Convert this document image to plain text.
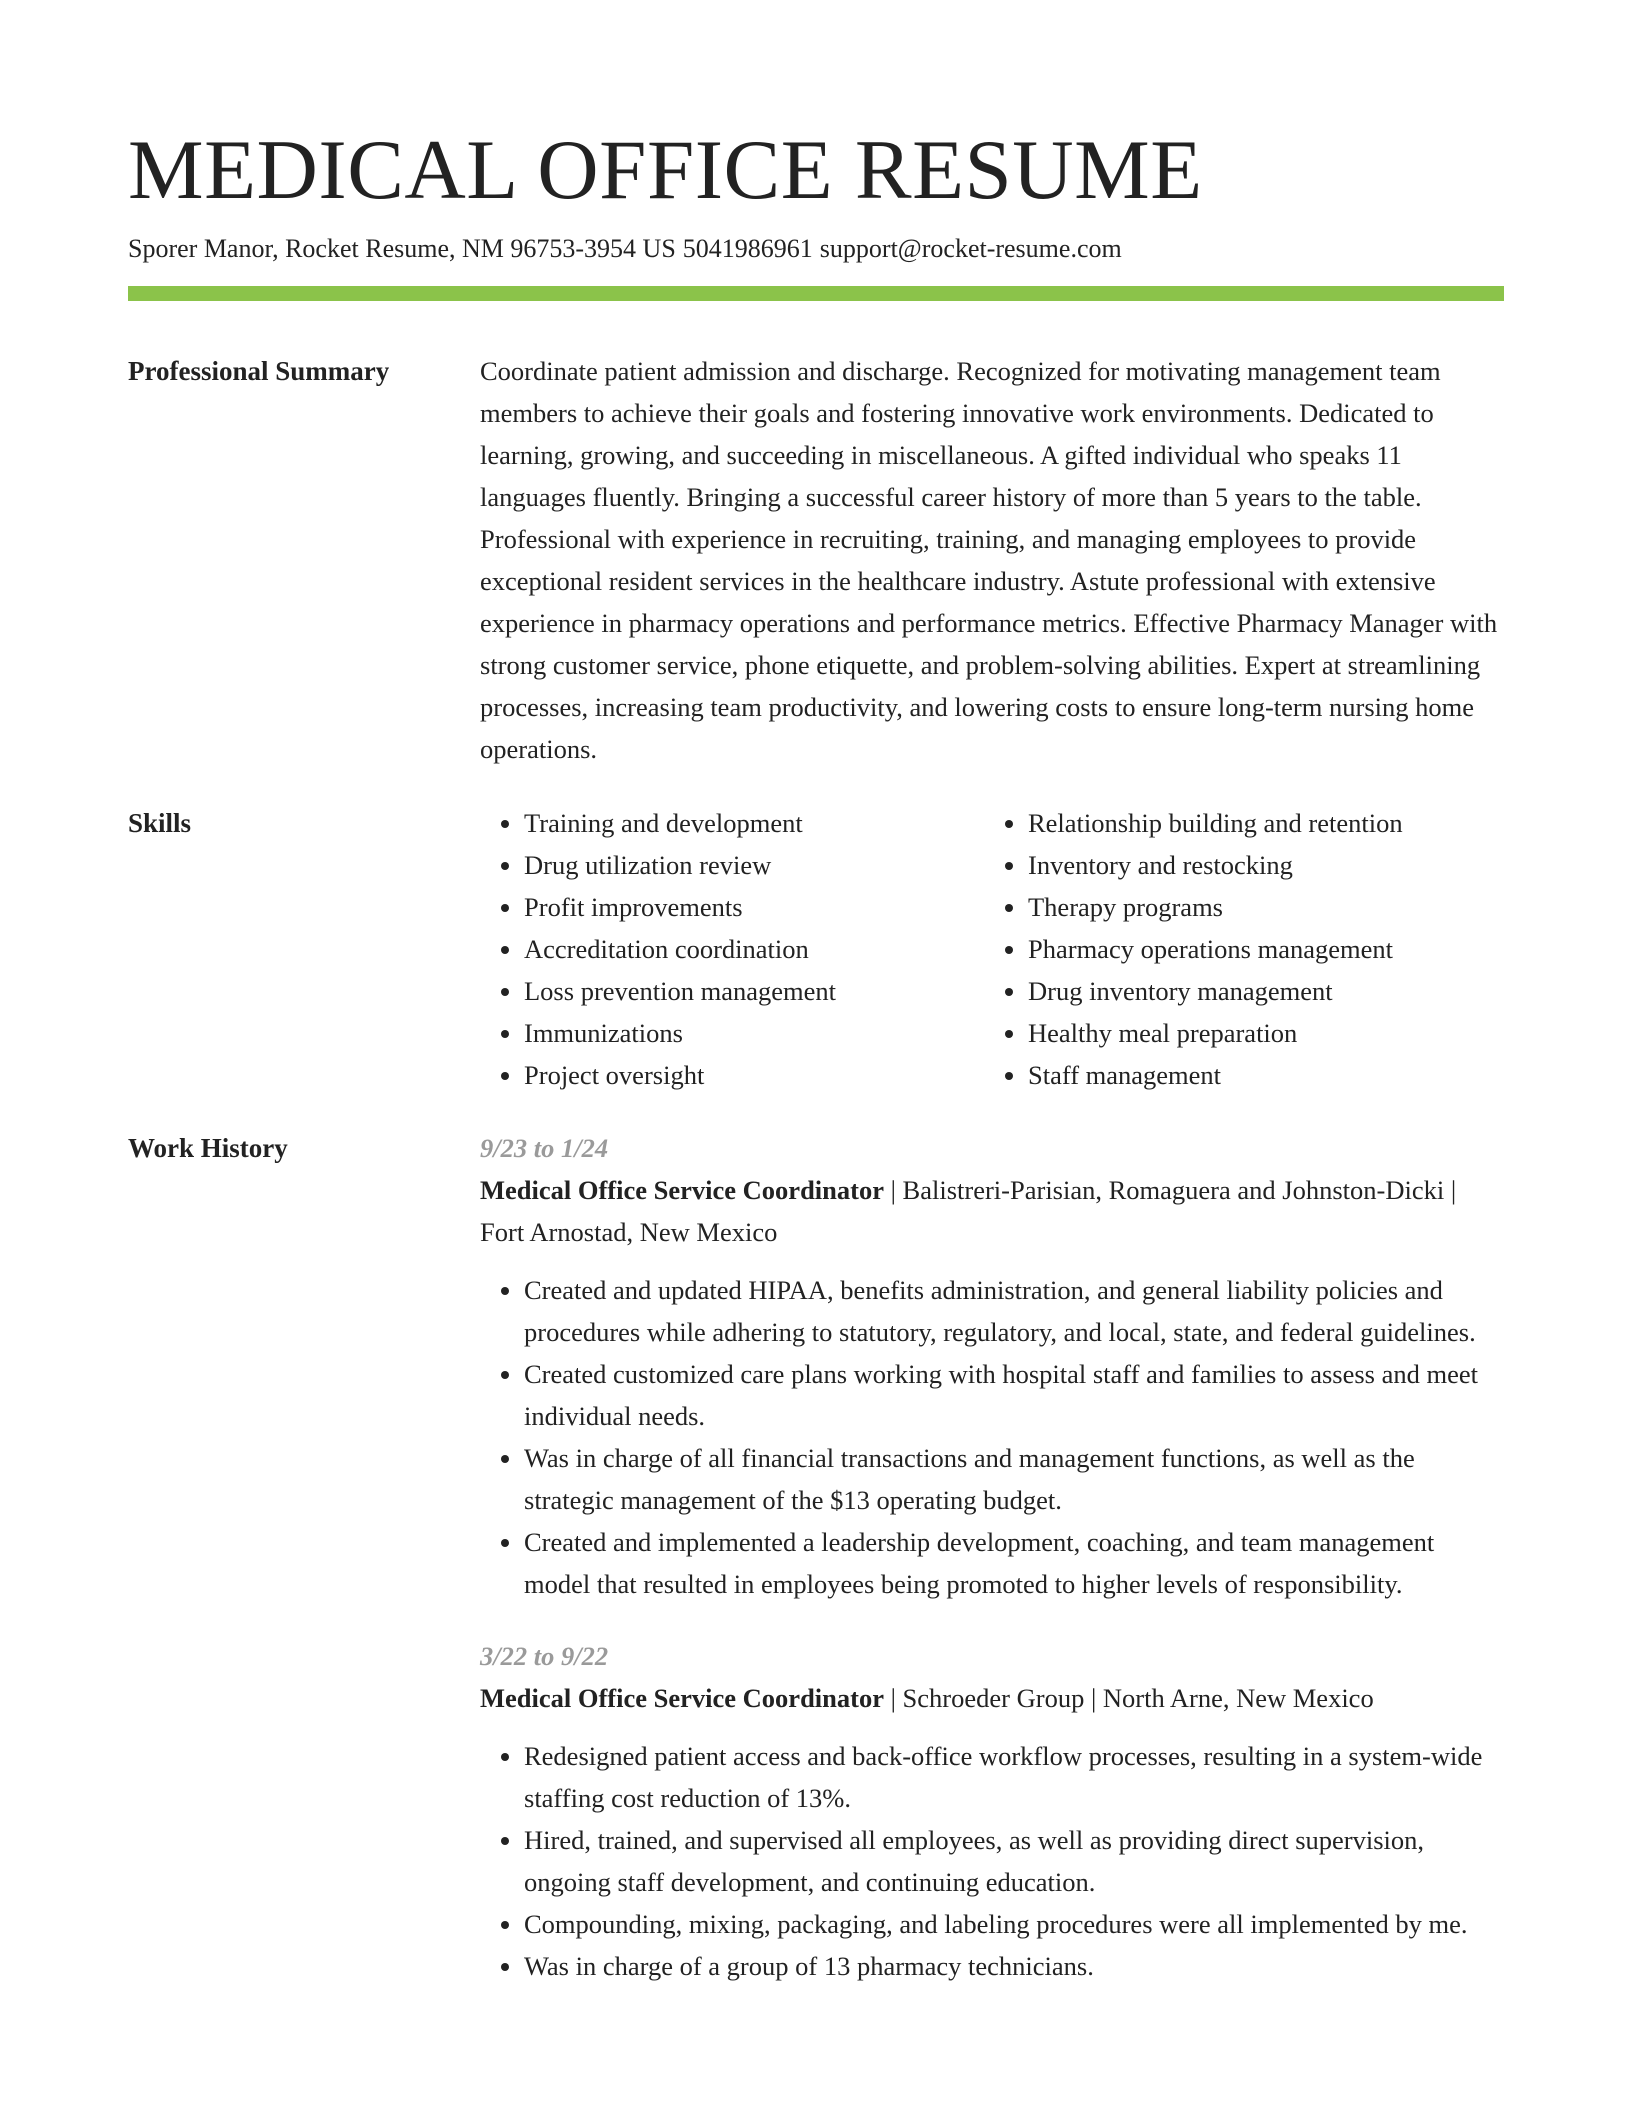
MEDICAL OFFICE RESUME
Sporer Manor, Rocket Resume, NM 96753-3954 US 5041986961 support@rocket-resume.com
Professional Summary	Coordinate patient admission and discharge. Recognized for motivating management team members to achieve their goals and fostering innovative work environments. Dedicated to learning, growing, and succeeding in miscellaneous. A gifted individual who speaks 11 languages fluently. Bringing a successful career history of more than 5 years to the table. Professional with experience in recruiting, training, and managing employees to provide exceptional resident services in the healthcare industry. Astute professional with extensive experience in pharmacy operations and performance metrics. Effective Pharmacy Manager with strong customer service, phone etiquette, and problem-solving abilities. Expert at streamlining processes, increasing team productivity, and lowering costs to ensure long-term nursing home operations.

Skills
•	Training and development
• Drug utilization review
• Profit improvements
• Accreditation coordination
• Loss prevention management
• Immunizations
• Project oversight
• Relationship building and retention
• Inventory and restocking
• Therapy programs
• Pharmacy operations management
• Drug inventory management
• Healthy meal preparation
• Staff management
Work History	9/23 to 1/24
Medical Office Service Coordinator | Balistreri-Parisian, Romaguera and Johnston-Dicki | Fort Arnostad, New Mexico
• Created and updated HIPAA, benefits administration, and general liability policies and procedures while adhering to statutory, regulatory, and local, state, and federal guidelines.
• Created customized care plans working with hospital staff and families to assess and meet individual needs.
• Was in charge of all financial transactions and management functions, as well as the strategic management of the $13 operating budget.
• Created and implemented a leadership development, coaching, and team management model that resulted in employees being promoted to higher levels of responsibility.
3/22 to 9/22
Medical Office Service Coordinator | Schroeder Group | North Arne, New Mexico
• Redesigned patient access and back-office workflow processes, resulting in a system-wide staffing cost reduction of 13%.
• Hired, trained, and supervised all employees, as well as providing direct supervision, ongoing staff development, and continuing education.
• Compounding, mixing, packaging, and labeling procedures were all implemented by me.
• Was in charge of a group of 13 pharmacy technicians.
